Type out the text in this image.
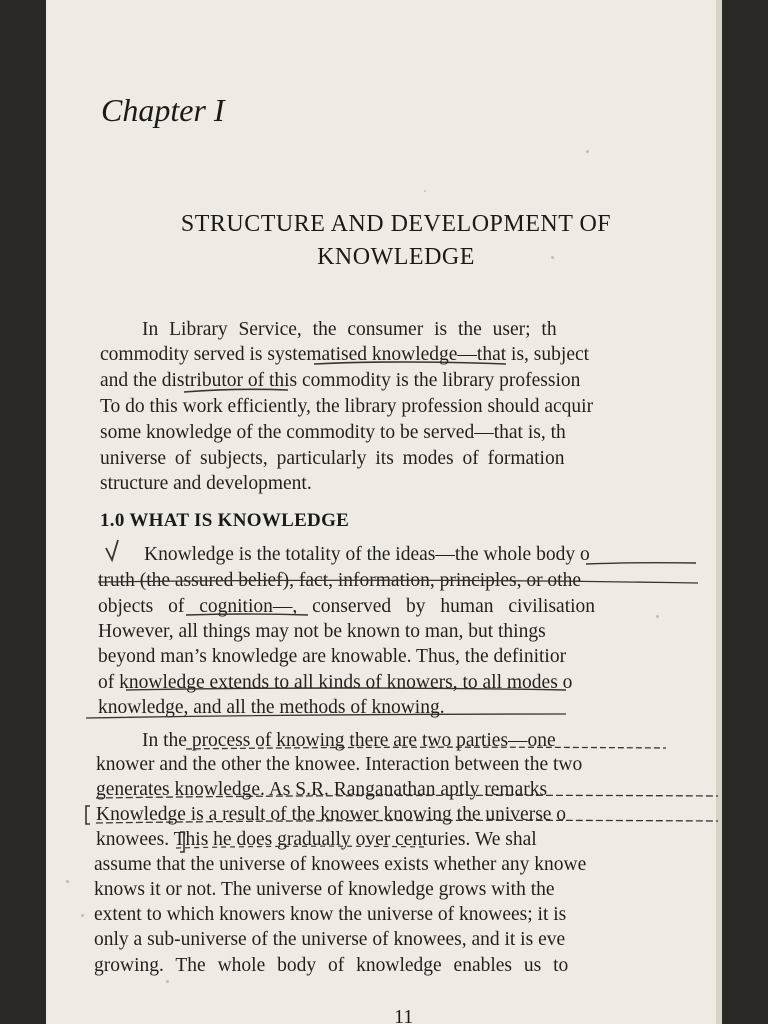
Chapter I
STRUCTURE AND DEVELOPMENT OF
KNOWLEDGE
In Library Service, the consumer is the user; th
commodity served is systematised knowledge—that is, subject
and the distributor of this commodity is the library profession
To do this work efficiently, the library profession should acquir
some knowledge of the commodity to be served—that is, th
universe of subjects, particularly its modes of formation
structure and development.
1.0 WHAT IS KNOWLEDGE
Knowledge is the totality of the ideas—the whole body o
truth (the assured belief), fact, information, principles, or othe
objects of cognition—, conserved by human civilisation
However, all things may not be known to man, but things
beyond man’s knowledge are knowable. Thus, the definitior
of knowledge extends to all kinds of knowers, to all modes o
knowledge, and all the methods of knowing.
In the process of knowing there are two parties—one
knower and the other the knowee. Interaction between the two
generates knowledge. As S.R. Ranganathan aptly remarks
Knowledge is a result of the knower knowing the universe o
knowees. This he does gradually over centuries. We shal
assume that the universe of knowees exists whether any knowe
knows it or not. The universe of knowledge grows with the
extent to which knowers know the universe of knowees; it is
only a sub-universe of the universe of knowees, and it is eve
growing. The whole body of knowledge enables us to
11
